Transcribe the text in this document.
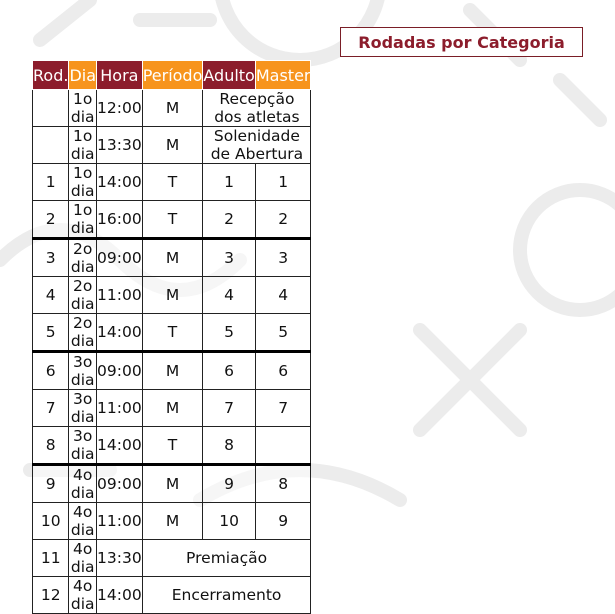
Rodadas por Categoria
Rod.	Dia	Hora	Período	Adulto	Master
	1o dia	12:00	M	Recepção dos atletas	
	1o dia	13:30	M	Solenidade de Abertura	
1	1o dia	14:00	T	1	1
2	1o dia	16:00	T	2	2
3	2o dia	09:00	M	3	3
4	2o dia	11:00	M	4	4
5	2o dia	14:00	T	5	5
6	3o dia	09:00	M	6	6
7	3o dia	11:00	M	7	7
8	3o dia	14:00	T	8	
9	4o dia	09:00	M	9	8
10	4o dia	11:00	M	10	9
11	4o dia	13:30	Premiação		
12	4o dia	14:00	Encerramento		
